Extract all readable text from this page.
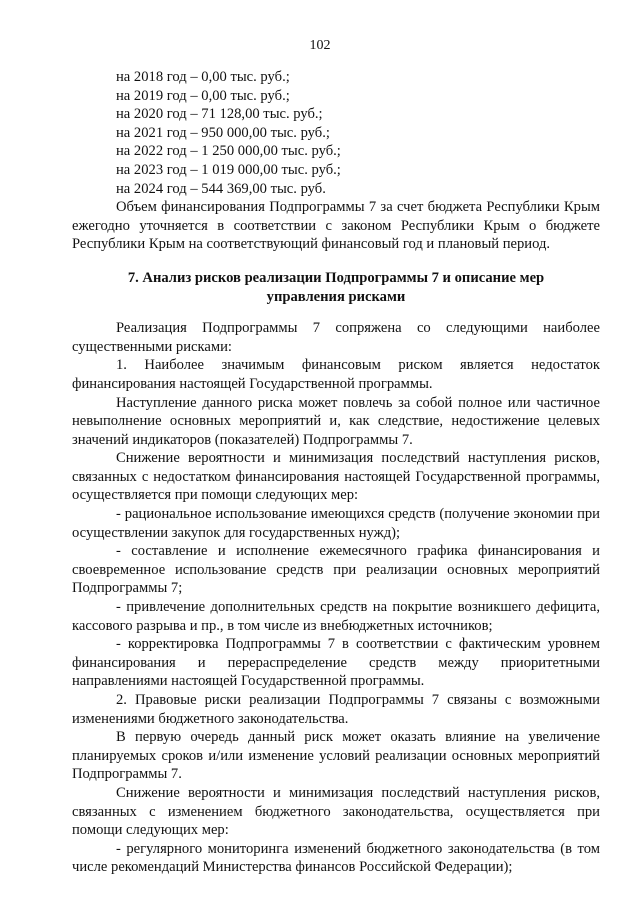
102
на 2018 год – 0,00 тыс. руб.;
на 2019 год – 0,00 тыс. руб.;
на 2020 год – 71 128,00 тыс. руб.;
на 2021 год – 950 000,00 тыс. руб.;
на 2022 год – 1 250 000,00 тыс. руб.;
на 2023 год – 1 019 000,00 тыс. руб.;
на 2024 год – 544 369,00 тыс. руб.

Объем финансирования Подпрограммы 7 за счет бюджета Республики Крым ежегодно уточняется в соответствии с законом Республики Крым о бюджете Республики Крым на соответствующий финансовый год и плановый период.

7. Анализ рисков реализации Подпрограммы 7 и описание мер
управления рисками

Реализация Подпрограммы 7 сопряжена со следующими наиболее существенными рисками:

1. Наиболее значимым финансовым риском является недостаток финансирования настоящей Государственной программы.

Наступление данного риска может повлечь за собой полное или частичное невыполнение основных мероприятий и, как следствие, недостижение целевых значений индикаторов (показателей) Подпрограммы 7.

Снижение вероятности и минимизация последствий наступления рисков, связанных с недостатком финансирования настоящей Государственной программы, осуществляется при помощи следующих мер:

- рациональное использование имеющихся средств (получение экономии при осуществлении закупок для государственных нужд);

- составление и исполнение ежемесячного графика финансирования и своевременное использование средств при реализации основных мероприятий Подпрограммы 7;

- привлечение дополнительных средств на покрытие возникшего дефицита, кассового разрыва и пр., в том числе из внебюджетных источников;

- корректировка Подпрограммы 7 в соответствии с фактическим уровнем финансирования и перераспределение средств между приоритетными направлениями настоящей Государственной программы.

2. Правовые риски реализации Подпрограммы 7 связаны с возможными изменениями бюджетного законодательства.

В первую очередь данный риск может оказать влияние на увеличение планируемых сроков и/или изменение условий реализации основных мероприятий Подпрограммы 7.

Снижение вероятности и минимизация последствий наступления рисков, связанных с изменением бюджетного законодательства, осуществляется при помощи следующих мер:

- регулярного мониторинга изменений бюджетного законодательства (в том числе рекомендаций Министерства финансов Российской Федерации);
